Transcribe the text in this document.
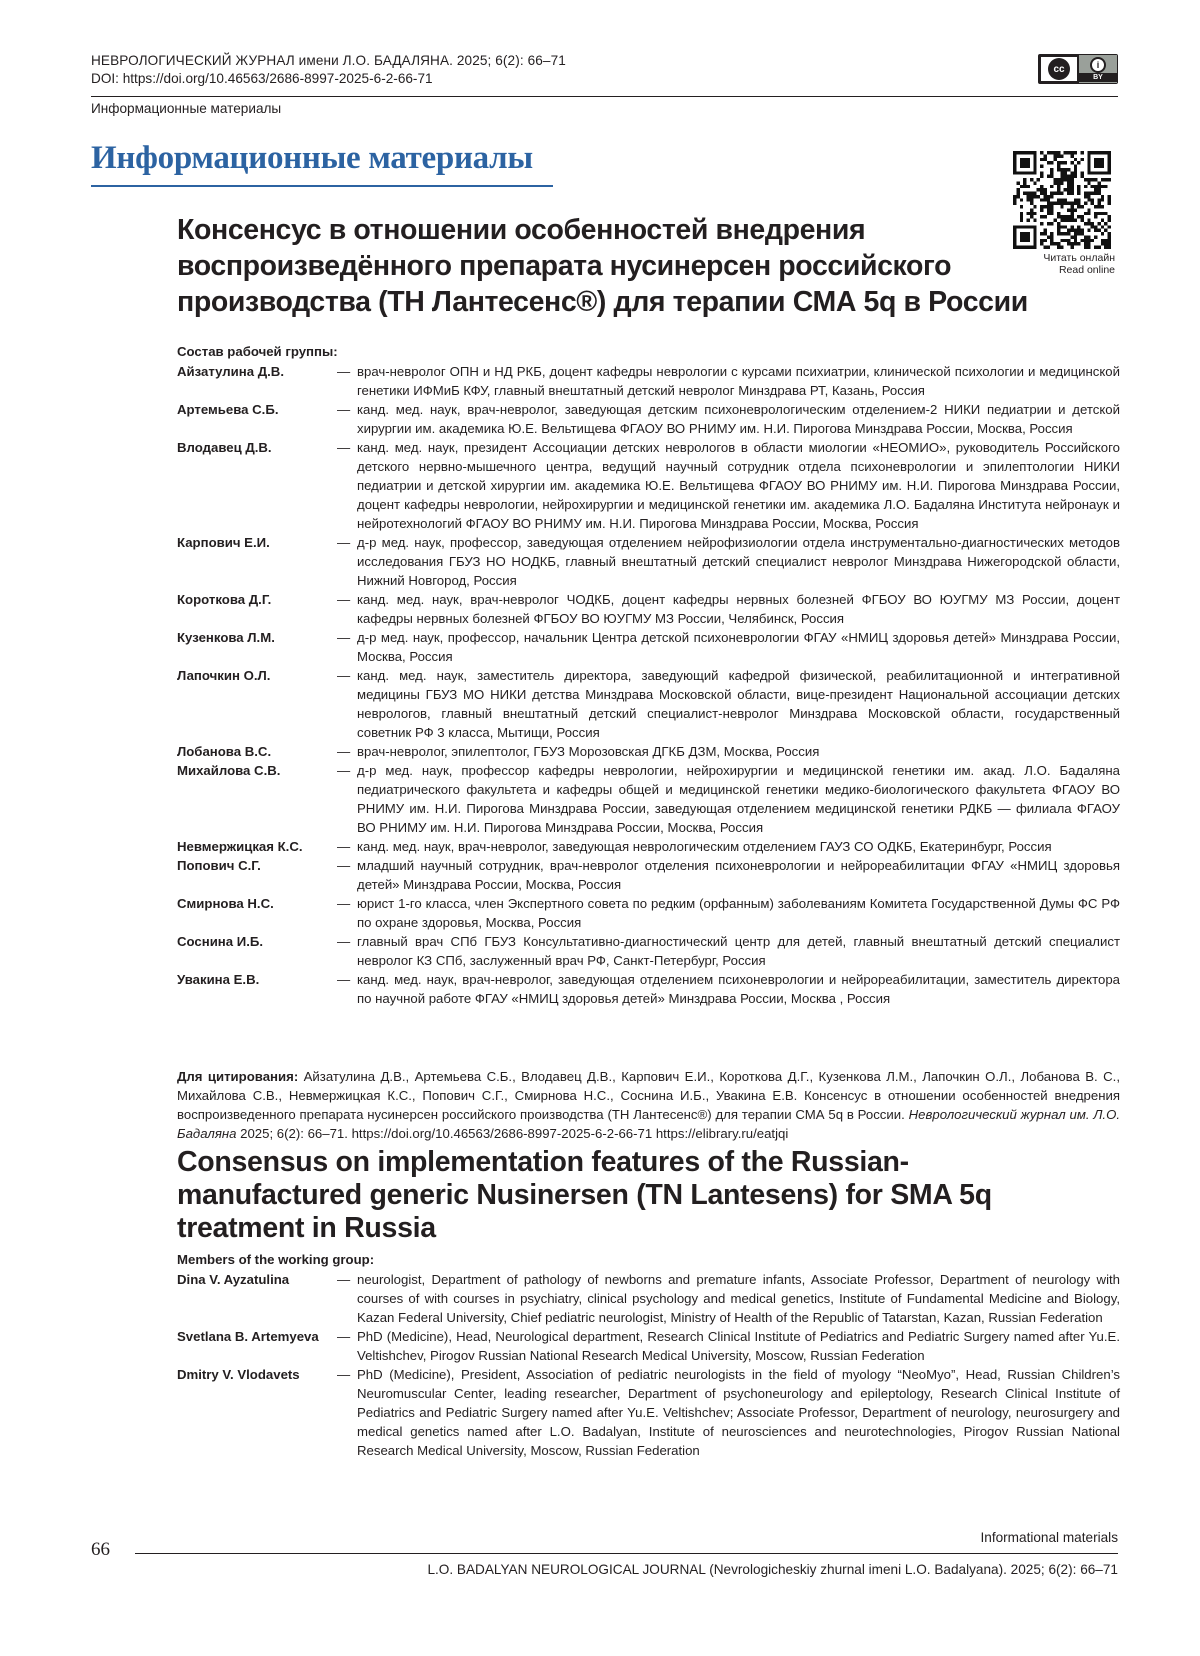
НЕВРОЛОГИЧЕСКИЙ ЖУРНАЛ имени Л.О. БАДАЛЯНА. 2025; 6(2): 66–71
DOI: https://doi.org/10.46563/2686-8997-2025-6-2-66-71
cc	i
BY
Информационные материалы
Информационные материалы
Читать онлайн
Read online
Консенсус в отношении особенностей внедрения воспроизведённого препарата нусинерсен российского производства (ТН Лантесенс®) для терапии СМА 5q в России
Состав рабочей группы:
Айзатулина Д.В.	— врач-невролог ОПН и НД РКБ, доцент кафедры неврологии с курсами психиатрии, клинической психологии и медицинской генетики ИФМиБ КФУ, главный внештатный детский невролог Минздрава РТ, Казань, Россия
Артемьева С.Б.	— канд. мед. наук, врач-невролог, заведующая детским психоневрологическим отделением-2 НИКИ педиатрии и детской хирургии им. академика Ю.Е. Вельтищева ФГАОУ ВО РНИМУ им. Н.И. Пирогова Минздрава России, Москва, Россия
Влодавец Д.В.	— канд. мед. наук, президент Ассоциации детских неврологов в области миологии «НЕОМИО», руководитель Российского детского нервно-мышечного центра, ведущий научный сотрудник отдела психоневрологии и эпилептологии НИКИ педиатрии и детской хирургии им. академика Ю.Е. Вельтищева ФГАОУ ВО РНИМУ им. Н.И. Пирогова Минздрава России, доцент кафедры неврологии, нейрохирургии и медицинской генетики им. академика Л.О. Бадаляна Института нейронаук и нейротехнологий ФГАОУ ВО РНИМУ им. Н.И. Пирогова Минздрава России, Москва, Россия
Карпович Е.И.	— д-р мед. наук, профессор, заведующая отделением нейрофизиологии отдела инструментально-диагностических методов исследования ГБУЗ НО НОДКБ, главный внештатный детский специалист невролог Минздрава Нижегородской области, Нижний Новгород, Россия
Короткова Д.Г.	— канд. мед. наук, врач-невролог ЧОДКБ, доцент кафедры нервных болезней ФГБОУ ВО ЮУГМУ МЗ России, доцент кафедры нервных болезней ФГБОУ ВО ЮУГМУ МЗ России, Челябинск, Россия
Кузенкова Л.М.	— д-р мед. наук, профессор, начальник Центра детской психоневрологии ФГАУ «НМИЦ здоровья детей» Минздрава России, Москва, Россия
Лапочкин О.Л.	— канд. мед. наук, заместитель директора, заведующий кафедрой физической, реабилитационной и интегративной медицины ГБУЗ МО НИКИ детства Минздрава Московской области, вице-президент Национальной ассоциации детских неврологов, главный внештатный детский специалист-невролог Минздрава Московской области, государственный советник РФ 3 класса, Мытищи, Россия
Лобанова В.С.	— врач-невролог, эпилептолог, ГБУЗ Морозовская ДГКБ ДЗМ, Москва, Россия
Михайлова С.В.	— д-р мед. наук, профессор кафедры неврологии, нейрохирургии и медицинской генетики им. акад. Л.О. Бадаляна педиатрического факультета и кафедры общей и медицинской генетики медико-биологического факультета ФГАОУ ВО РНИМУ им. Н.И. Пирогова Минздрава России, заведующая отделением медицинской генетики РДКБ — филиала ФГАОУ ВО РНИМУ им. Н.И. Пирогова Минздрава России, Москва, Россия
Невмержицкая К.С.	— канд. мед. наук, врач-невролог, заведующая неврологическим отделением ГАУЗ СО ОДКБ, Екатеринбург, Россия
Попович С.Г.	— младший научный сотрудник, врач-невролог отделения психоневрологии и нейрореабилитации ФГАУ «НМИЦ здоровья детей» Минздрава России, Москва, Россия
Смирнова Н.С.	— юрист 1-го класса, член Экспертного совета по редким (орфанным) заболеваниям Комитета Государственной Думы ФС РФ по охране здоровья, Москва, Россия
Соснина И.Б.	— главный врач СПб ГБУЗ Консультативно-диагностический центр для детей, главный внештатный детский специалист невролог КЗ СПб, заслуженный врач РФ, Санкт-Петербург, Россия
Увакина Е.В.	— канд. мед. наук, врач-невролог, заведующая отделением психоневрологии и нейрореабилитации, заместитель директора по научной работе ФГАУ «НМИЦ здоровья детей» Минздрава России, Москва , Россия
Для цитирования: Айзатулина Д.В., Артемьева С.Б., Влодавец Д.В., Карпович Е.И., Короткова Д.Г., Кузенкова Л.М., Лапочкин О.Л., Лобанова В. С., Михайлова С.В., Невмержицкая К.С., Попович С.Г., Смирнова Н.С., Соснина И.Б., Увакина Е.В. Консенсус в отношении особенностей внедрения воспроизведенного препарата нусинерсен российского производства (ТН Лантесенс®) для терапии СМА 5q в России. Неврологический журнал им. Л.О. Бадаляна 2025; 6(2): 66–71. https://doi.org/10.46563/2686-8997-2025-6-2-66-71 https://elibrary.ru/eatjqi
Consensus on implementation features of the Russian-manufactured generic Nusinersen (TN Lantesens) for SMA 5q treatment in Russia
Members of the working group:
Dina V. Ayzatulina	— neurologist, Department of pathology of newborns and premature infants, Associate Professor, Department of neurology with courses of with courses in psychiatry, clinical psychology and medical genetics, Institute of Fundamental Medicine and Biology, Kazan Federal University, Chief pediatric neurologist, Ministry of Health of the Republic of Tatarstan, Kazan, Russian Federation
Svetlana B. Artemyeva	— PhD (Medicine), Head, Neurological department, Research Clinical Institute of Pediatrics and Pediatric Surgery named after Yu.E. Veltishchev, Pirogov Russian National Research Medical University, Moscow, Russian Federation
Dmitry V. Vlodavets	— PhD (Medicine), President, Association of pediatric neurologists in the field of myology “NeoMyo”, Head, Russian Children’s Neuromuscular Center, leading researcher, Department of psychoneurology and epileptology, Research Clinical Institute of Pediatrics and Pediatric Surgery named after Yu.E. Veltishchev; Associate Professor, Department of neurology, neurosurgery and medical genetics named after L.O. Badalyan, Institute of neurosciences and neurotechnologies, Pirogov Russian National Research Medical University, Moscow, Russian Federation
Informational materials
66
L.O. BADALYAN NEUROLOGICAL JOURNAL (Nevrologicheskiy zhurnal imeni L.O. Badalyana). 2025; 6(2): 66–71
